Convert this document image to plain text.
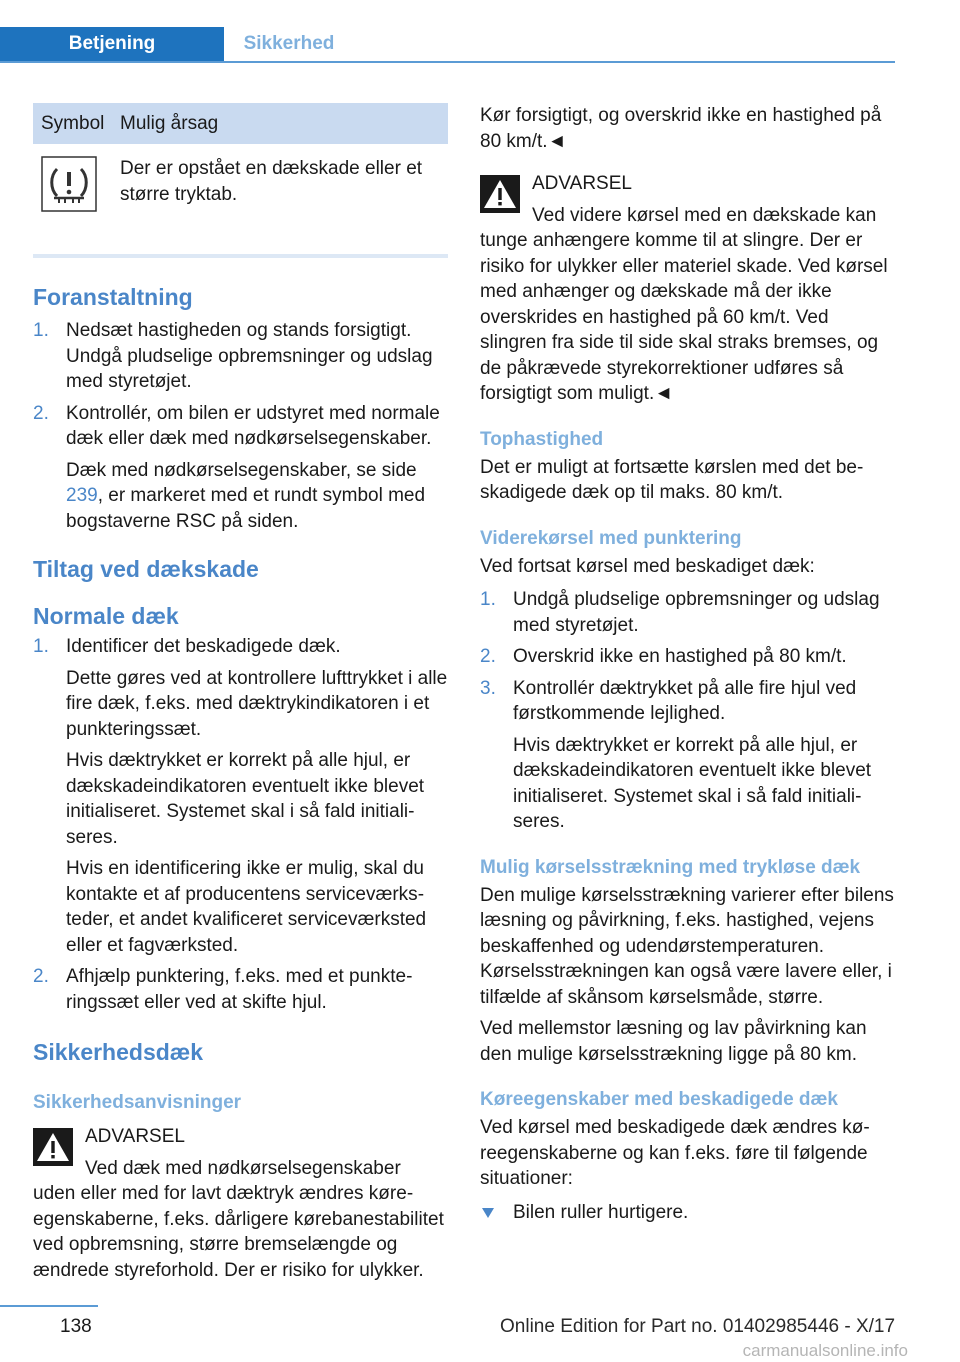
Betjening	Sikkerhed
Symbol Mulig årsag
Der er opstået en dækskade eller et større tryktab.
Foranstaltning
1. Nedsæt hastigheden og stands forsigtigt. Undgå pludselige opbremsninger og udslag med styretøjet.

2. Kontrollér, om bilen er udstyret med normale dæk eller dæk med nødkørselsegenskaber.

Dæk med nødkørselsegenskaber, se side 239, er markeret med et rundt symbol med bogstaverne RSC på siden.

Tiltag ved dækskade
Normale dæk
1. Identificer det beskadigede dæk.

Dette gøres ved at kontrollere lufttrykket i alle fire dæk, f.eks. med dæktrykindikatoren i et punkteringssæt.

Hvis dæktrykket er korrekt på alle hjul, er dækskadeindikatoren eventuelt ikke blevet initialiseret. Systemet skal i så fald initialiseres.

Hvis en identificering ikke er mulig, skal du kontakte et af producentens serviceværksteder, et andet kvalificeret serviceværksted eller et fagværksted.

2. Afhjælp punktering, f.eks. med et punkteringssæt eller ved at skifte hjul.

Sikkerhedsdæk
Sikkerhedsanvisninger
ADVARSEL

Ved dæk med nødkørselsegenskaber uden eller med for lavt dæktryk ændres køreegenskaberne, f.eks. dårligere kørebanestabilitet ved opbremsning, større bremselængde og ændrede styreforhold. Der er risiko for ulykker.

Kør forsigtigt, og overskrid ikke en hastighed på 80 km/t.◄

ADVARSEL

Ved videre kørsel med en dækskade kan tunge anhængere komme til at slingre. Der er risiko for ulykker eller materiel skade. Ved kørsel med anhænger og dækskade må der ikke overskrides en hastighed på 60 km/t. Ved slingren fra side til side skal straks bremses, og de påkrævede styrekorrektioner udføres så forsigtigt som muligt.◄

Tophastighed

Det er muligt at fortsætte kørslen med det beskadigede dæk op til maks. 80 km/t.

Viderekørsel med punktering

Ved fortsat kørsel med beskadiget dæk:

1. Undgå pludselige opbremsninger og udslag med styretøjet.

2. Overskrid ikke en hastighed på 80 km/t.

3. Kontrollér dæktrykket på alle fire hjul ved førstkommende lejlighed.

Hvis dæktrykket er korrekt på alle hjul, er dækskadeindikatoren eventuelt ikke blevet initialiseret. Systemet skal i så fald initialiseres.

Mulig kørselsstrækning med trykløse dæk

Den mulige kørselsstrækning varierer efter bilens læsning og påvirkning, f.eks. hastighed, vejens beskaffenhed og udendørstemperaturen. Kørselsstrækningen kan også være lavere eller, i tilfælde af skånsom kørselsmåde, større.

Ved mellemstor læsning og lav påvirkning kan den mulige kørselsstrækning ligge på 80 km.

Køreegenskaber med beskadigede dæk

Ved kørsel med beskadigede dæk ændres køreegenskaberne og kan f.eks. føre til følgende situationer:

Bilen ruller hurtigere.
138	Online Edition for Part no. 01402985446 - X/17
carmanualsonline.info
